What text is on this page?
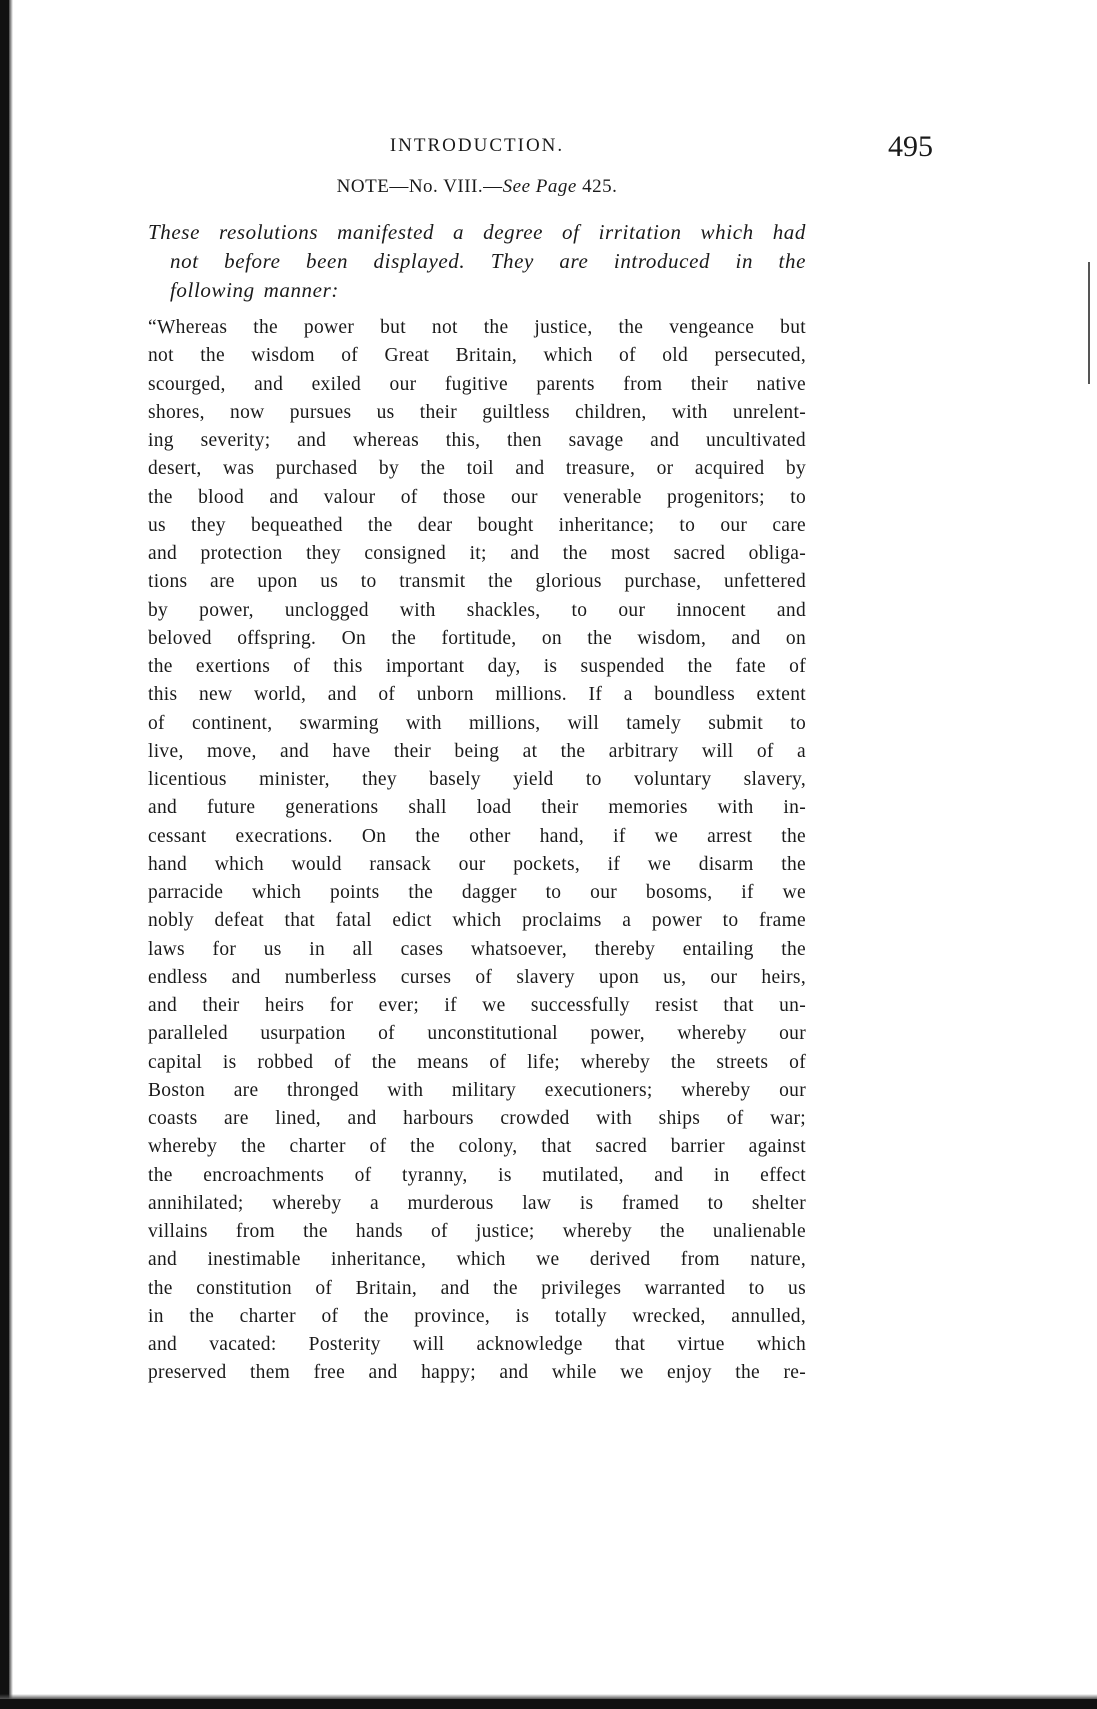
INTRODUCTION.	495
NOTE—No. VIII.—See Page 425.
These resolutions manifested a degree of irritation which had
not before been displayed. They are introduced in the
following manner:
“Whereas the power but not the justice, the vengeance but
not the wisdom of Great Britain, which of old persecuted,
scourged, and exiled our fugitive parents from their native
shores, now pursues us their guiltless children, with unrelent-
ing severity; and whereas this, then savage and uncultivated
desert, was purchased by the toil and treasure, or acquired by
the blood and valour of those our venerable progenitors; to
us they bequeathed the dear bought inheritance; to our care
and protection they consigned it; and the most sacred obliga-
tions are upon us to transmit the glorious purchase, unfettered
by power, unclogged with shackles, to our innocent and
beloved offspring. On the fortitude, on the wisdom, and on
the exertions of this important day, is suspended the fate of
this new world, and of unborn millions. If a boundless extent
of continent, swarming with millions, will tamely submit to
live, move, and have their being at the arbitrary will of a
licentious minister, they basely yield to voluntary slavery,
and future generations shall load their memories with in-
cessant execrations. On the other hand, if we arrest the
hand which would ransack our pockets, if we disarm the
parracide which points the dagger to our bosoms, if we
nobly defeat that fatal edict which proclaims a power to frame
laws for us in all cases whatsoever, thereby entailing the
endless and numberless curses of slavery upon us, our heirs,
and their heirs for ever; if we successfully resist that un-
paralleled usurpation of unconstitutional power, whereby our
capital is robbed of the means of life; whereby the streets of
Boston are thronged with military executioners; whereby our
coasts are lined, and harbours crowded with ships of war;
whereby the charter of the colony, that sacred barrier against
the encroachments of tyranny, is mutilated, and in effect
annihilated; whereby a murderous law is framed to shelter
villains from the hands of justice; whereby the unalienable
and inestimable inheritance, which we derived from nature,
the constitution of Britain, and the privileges warranted to us
in the charter of the province, is totally wrecked, annulled,
and vacated: Posterity will acknowledge that virtue which
preserved them free and happy; and while we enjoy the re-
